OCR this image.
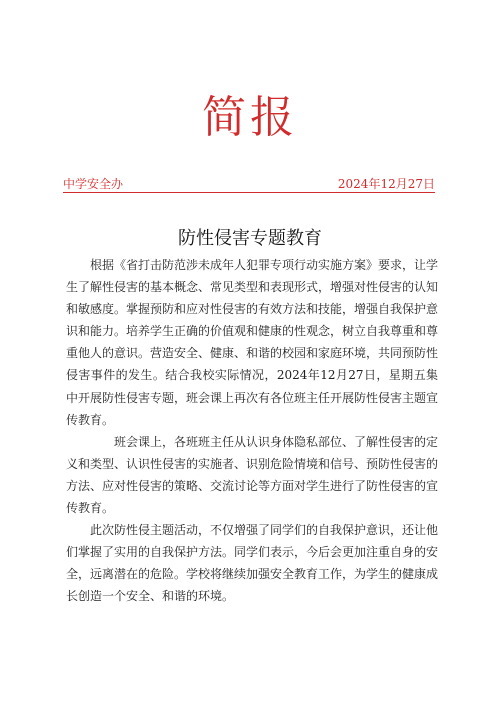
简报
中学安全办	2024年12月27日
防性侵害专题教育

根据《省打击防范涉未成年人犯罪专项行动实施方案》要求，让学生了解性侵害的基本概念、常见类型和表现形式，增强对性侵害的认知和敏感度。掌握预防和应对性侵害的有效方法和技能，增强自我保护意识和能力。培养学生正确的价值观和健康的性观念，树立自我尊重和尊重他人的意识。营造安全、健康、和谐的校园和家庭环境，共同预防性侵害事件的发生。结合我校实际情况，2024年12月27日，星期五集中开展防性侵害专题，班会课上再次有各位班主任开展防性侵害主题宣传教育。

班会课上，各班班主任从认识身体隐私部位、了解性侵害的定义和类型、认识性侵害的实施者、识别危险情境和信号、预防性侵害的方法、应对性侵害的策略、交流讨论等方面对学生进行了防性侵害的宣传教育。

此次防性侵主题活动，不仅增强了同学们的自我保护意识，还让他们掌握了实用的自我保护方法。同学们表示，今后会更加注重自身的安全，远离潜在的危险。学校将继续加强安全教育工作，为学生的健康成长创造一个安全、和谐的环境。
